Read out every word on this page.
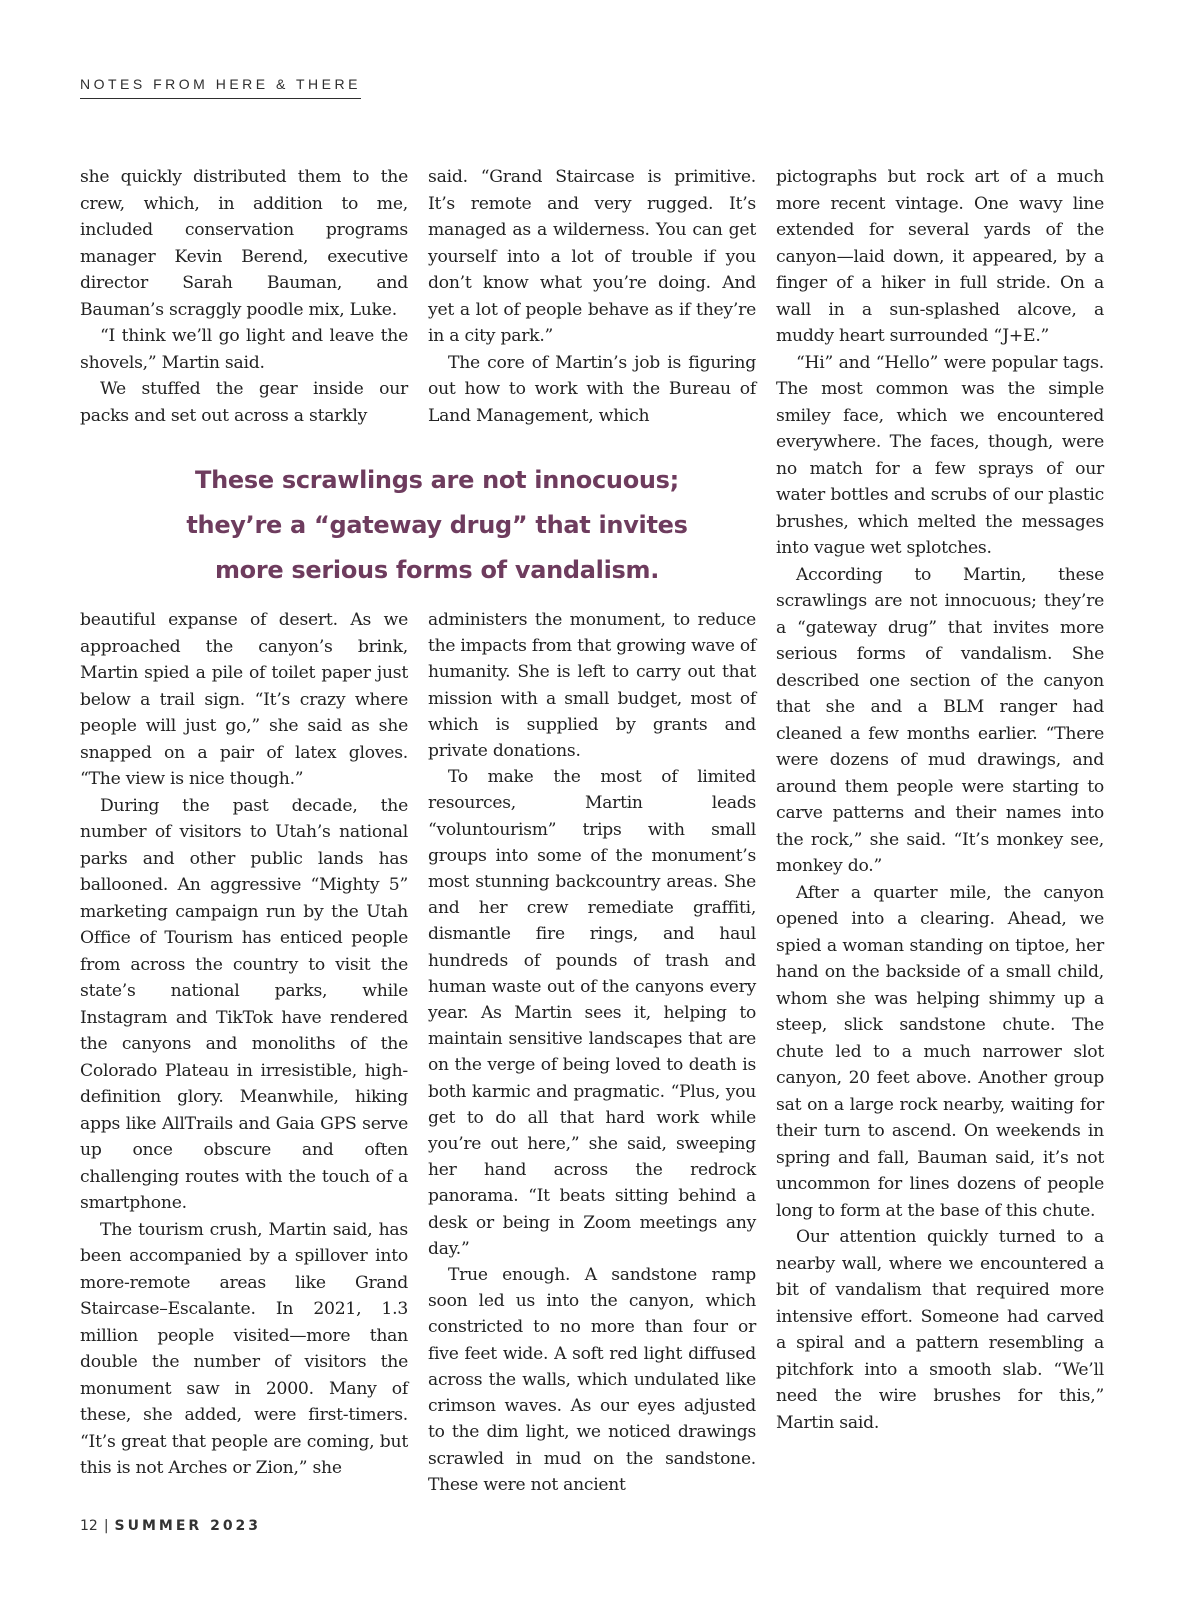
NOTES FROM HERE & THERE

she quickly distributed them to the crew, which, in addition to me, included conservation programs manager Kevin Berend, executive director Sarah Bauman, and Bauman’s scraggly poodle mix, Luke.

“I think we’ll go light and leave the shovels,” Martin said.

We stuffed the gear inside our packs and set out across a starkly

said. “Grand Staircase is primitive. It’s remote and very rugged. It’s managed as a wilderness. You can get yourself into a lot of trouble if you don’t know what you’re doing. And yet a lot of people behave as if they’re in a city park.”

The core of Martin’s job is figuring out how to work with the Bureau of Land Management, which

These scrawlings are not innocuous;
they’re a “gateway drug” that invites
more serious forms of vandalism.

beautiful expanse of desert. As we approached the canyon’s brink, Martin spied a pile of toilet paper just below a trail sign. “It’s crazy where people will just go,” she said as she snapped on a pair of latex gloves. “The view is nice though.”

During the past decade, the number of visitors to Utah’s national parks and other public lands has ballooned. An aggressive “Mighty 5” marketing campaign run by the Utah Office of Tourism has enticed people from across the country to visit the state’s national parks, while Instagram and TikTok have rendered the canyons and monoliths of the Colorado Plateau in irresistible, high-definition glory. Meanwhile, hiking apps like AllTrails and Gaia GPS serve up once obscure and often challenging routes with the touch of a smartphone.

The tourism crush, Martin said, has been accompanied by a spillover into more-remote areas like Grand Staircase–Escalante. In 2021, 1.3 million people visited—more than double the number of visitors the monument saw in 2000. Many of these, she added, were first-timers. “It’s great that people are coming, but this is not Arches or Zion,” she

administers the monument, to reduce the impacts from that growing wave of humanity. She is left to carry out that mission with a small budget, most of which is supplied by grants and private donations.

To make the most of limited resources, Martin leads “voluntourism” trips with small groups into some of the monument’s most stunning backcountry areas. She and her crew remediate graffiti, dismantle fire rings, and haul hundreds of pounds of trash and human waste out of the canyons every year. As Martin sees it, helping to maintain sensitive landscapes that are on the verge of being loved to death is both karmic and pragmatic. “Plus, you get to do all that hard work while you’re out here,” she said, sweeping her hand across the redrock panorama. “It beats sitting behind a desk or being in Zoom meetings any day.”

True enough. A sandstone ramp soon led us into the canyon, which constricted to no more than four or five feet wide. A soft red light diffused across the walls, which undulated like crimson waves. As our eyes adjusted to the dim light, we noticed drawings scrawled in mud on the sandstone. These were not ancient

pictographs but rock art of a much more recent vintage. One wavy line extended for several yards of the canyon—laid down, it appeared, by a finger of a hiker in full stride. On a wall in a sun-splashed alcove, a muddy heart surrounded “J+E.”

“Hi” and “Hello” were popular tags. The most common was the simple smiley face, which we encountered everywhere. The faces, though, were no match for a few sprays of our water bottles and scrubs of our plastic brushes, which melted the messages into vague wet splotches.

According to Martin, these scrawlings are not innocuous; they’re a “gateway drug” that invites more serious forms of vandalism. She described one section of the canyon that she and a BLM ranger had cleaned a few months earlier. “There were dozens of mud drawings, and around them people were starting to carve patterns and their names into the rock,” she said. “It’s monkey see, monkey do.”

After a quarter mile, the canyon opened into a clearing. Ahead, we spied a woman standing on tiptoe, her hand on the backside of a small child, whom she was helping shimmy up a steep, slick sandstone chute. The chute led to a much narrower slot canyon, 20 feet above. Another group sat on a large rock nearby, waiting for their turn to ascend. On weekends in spring and fall, Bauman said, it’s not uncommon for lines dozens of people long to form at the base of this chute.

Our attention quickly turned to a nearby wall, where we encountered a bit of vandalism that required more intensive effort. Someone had carved a spiral and a pattern resembling a pitchfork into a smooth slab. “We’ll need the wire brushes for this,” Martin said.

12 | SUMMER 2023
